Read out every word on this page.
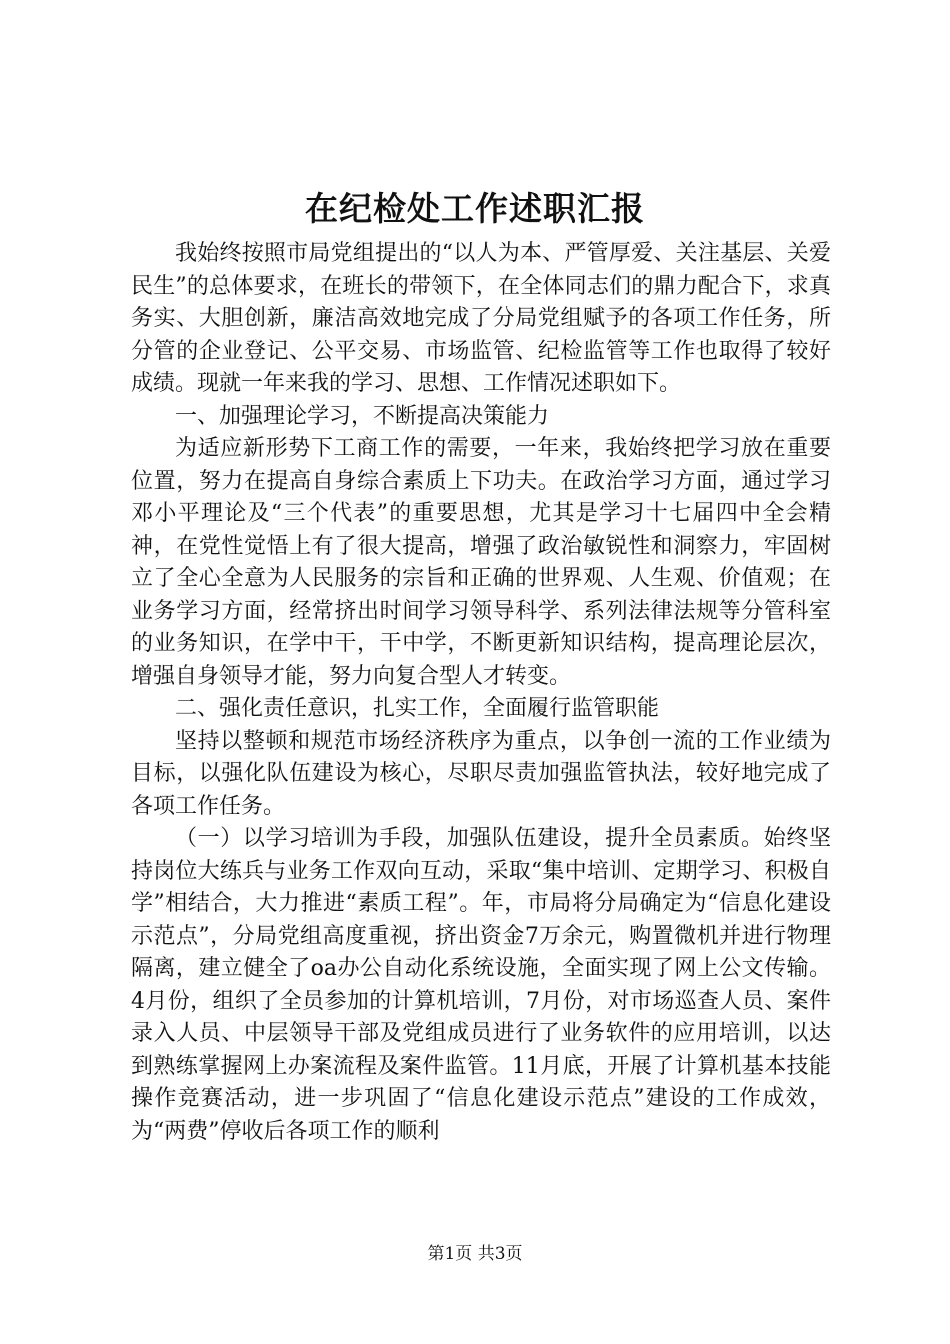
在纪检处工作述职汇报

我始终按照市局党组提出的“以人为本、严管厚爱、关注基层、关爱民生”的总体要求，在班长的带领下，在全体同志们的鼎力配合下，求真务实、大胆创新，廉洁高效地完成了分局党组赋予的各项工作任务，所分管的企业登记、公平交易、市场监管、纪检监管等工作也取得了较好成绩。现就一年来我的学习、思想、工作情况述职如下。

一、加强理论学习，不断提高决策能力

为适应新形势下工商工作的需要，一年来，我始终把学习放在重要位置，努力在提高自身综合素质上下功夫。在政治学习方面，通过学习邓小平理论及“三个代表”的重要思想，尤其是学习十七届四中全会精神，在党性觉悟上有了很大提高，增强了政治敏锐性和洞察力，牢固树立了全心全意为人民服务的宗旨和正确的世界观、人生观、价值观；在业务学习方面，经常挤出时间学习领导科学、系列法律法规等分管科室的业务知识，在学中干，干中学，不断更新知识结构，提高理论层次，增强自身领导才能，努力向复合型人才转变。

二、强化责任意识，扎实工作，全面履行监管职能

坚持以整顿和规范市场经济秩序为重点，以争创一流的工作业绩为目标，以强化队伍建设为核心，尽职尽责加强监管执法，较好地完成了各项工作任务。

（一）以学习培训为手段，加强队伍建设，提升全员素质。始终坚持岗位大练兵与业务工作双向互动，采取“集中培训、定期学习、积极自学”相结合，大力推进“素质工程”。年，市局将分局确定为“信息化建设示范点”，分局党组高度重视，挤出资金7万余元，购置微机并进行物理隔离，建立健全了oa办公自动化系统设施，全面实现了网上公文传输。4月份，组织了全员参加的计算机培训，7月份，对市场巡查人员、案件录入人员、中层领导干部及党组成员进行了业务软件的应用培训，以达到熟练掌握网上办案流程及案件监管。11月底，开展了计算机基本技能操作竞赛活动，进一步巩固了“信息化建设示范点”建设的工作成效，为“两费”停收后各项工作的顺利

第1页 共3页
